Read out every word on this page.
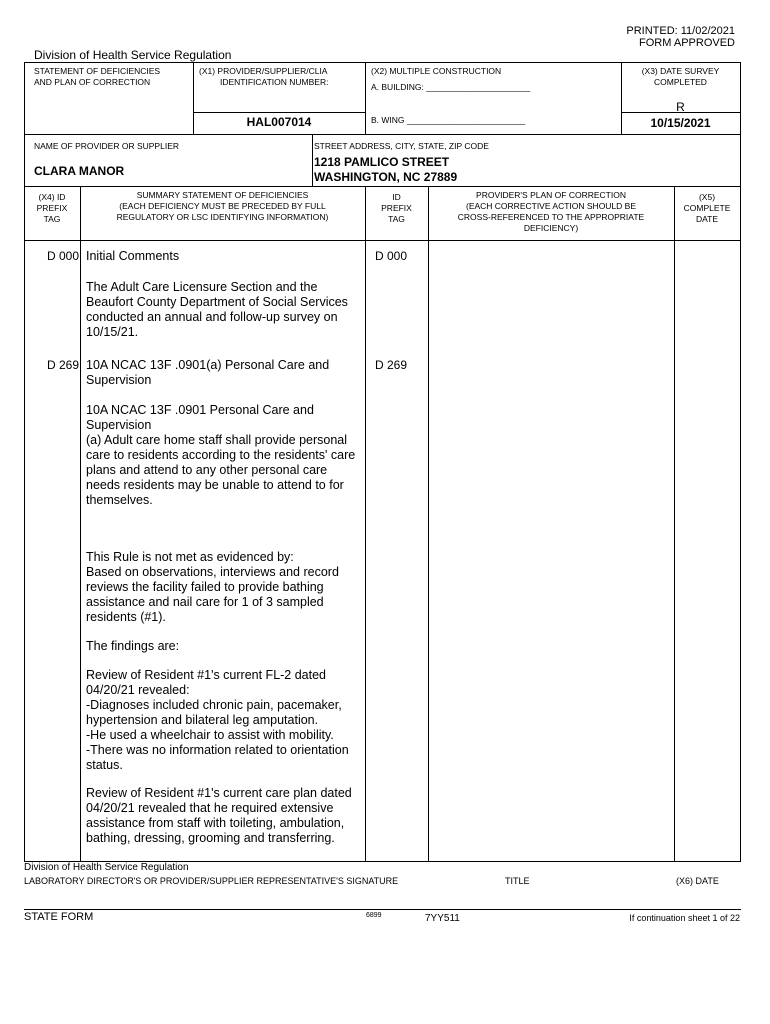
PRINTED: 11/02/2021
FORM APPROVED
Division of Health Service Regulation
STATEMENT OF DEFICIENCIES
AND PLAN OF CORRECTION
(X1) PROVIDER/SUPPLIER/CLIA
IDENTIFICATION NUMBER:
HAL007014
(X2) MULTIPLE CONSTRUCTION
A. BUILDING: ______________________
B. WING _________________________
(X3) DATE SURVEY
COMPLETED
R
10/15/2021
NAME OF PROVIDER OR SUPPLIER
CLARA MANOR
STREET ADDRESS, CITY, STATE, ZIP CODE
1218 PAMLICO STREET
WASHINGTON, NC 27889
(X4) ID
PREFIX
TAG
SUMMARY STATEMENT OF DEFICIENCIES
(EACH DEFICIENCY MUST BE PRECEDED BY FULL
REGULATORY OR LSC IDENTIFYING INFORMATION)
ID
PREFIX
TAG
PROVIDER'S PLAN OF CORRECTION
(EACH CORRECTIVE ACTION SHOULD BE
CROSS-REFERENCED TO THE APPROPRIATE
DEFICIENCY)
(X5)
COMPLETE
DATE
D 000	D 000
Initial Comments
The Adult Care Licensure Section and the
Beaufort County Department of Social Services
conducted an annual and follow-up survey on
10/15/21.
D 269	D 269
10A NCAC 13F .0901(a) Personal Care and
Supervision
10A NCAC 13F .0901 Personal Care and
Supervision
(a) Adult care home staff shall provide personal
care to residents according to the residents' care
plans and attend to any other personal care
needs residents may be unable to attend to for
themselves.
This Rule is not met as evidenced by:
Based on observations, interviews and record
reviews the facility failed to provide bathing
assistance and nail care for 1 of 3 sampled
residents (#1).
The findings are:
Review of Resident #1's current FL-2 dated
04/20/21 revealed:
-Diagnoses included chronic pain, pacemaker,
hypertension and bilateral leg amputation.
-He used a wheelchair to assist with mobility.
-There was no information related to orientation
status.
Review of Resident #1's current care plan dated
04/20/21 revealed that he required extensive
assistance from staff with toileting, ambulation,
bathing, dressing, grooming and transferring.
Division of Health Service Regulation
LABORATORY DIRECTOR'S OR PROVIDER/SUPPLIER REPRESENTATIVE'S SIGNATURE	TITLE	(X6) DATE
STATE FORM	6899	7YY511	If continuation sheet 1 of 22
